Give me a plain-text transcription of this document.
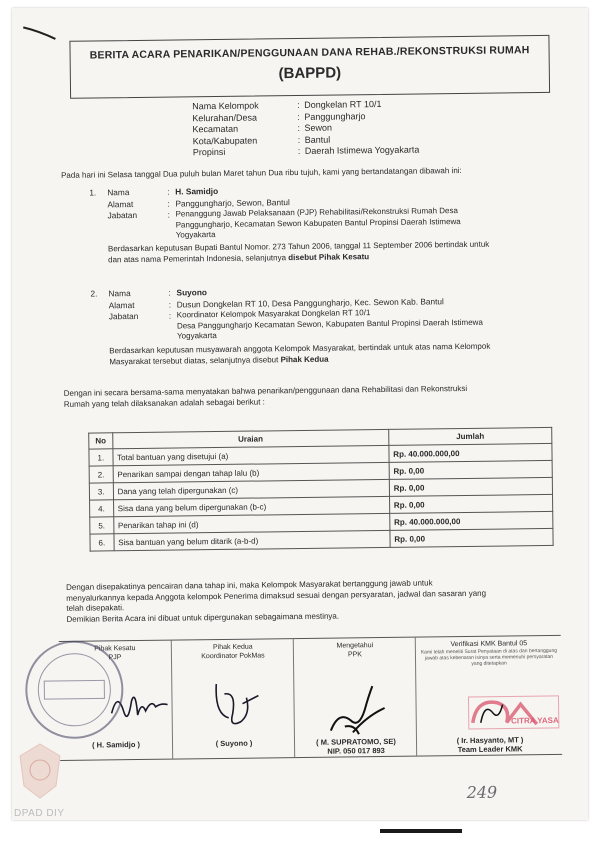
BERITA ACARA PENARIKAN/PENGGUNAAN DANA REHAB./REKONSTRUKSI RUMAH
(BAPPD)
Nama Kelompok	: Dongkelan RT 10/1
Kelurahan/Desa	: Panggungharjo
Kecamatan	: Sewon
Kota/Kabupaten	: Bantul
Propinsi	: Daerah Istimewa Yogyakarta
Pada hari ini Selasa tanggal Dua puluh bulan Maret tahun Dua ribu tujuh, kami yang bertandatangan dibawah ini:
1. Nama	: H. Samidjo
Alamat	: Panggungharjo, Sewon, Bantul
Jabatan	: Penanggung Jawab Pelaksanaan (PJP) Rehabilitasi/Rekonstruksi Rumah Desa
Panggungharjo, Kecamatan Sewon Kabupaten Bantul Propinsi Daerah Istimewa
Yogyakarta
Berdasarkan keputusan Bupati Bantul Nomor. 273 Tahun 2006, tanggal 11 September 2006 bertindak untuk
dan atas nama Pemerintah Indonesia, selanjutnya disebut Pihak Kesatu
2. Nama	: Suyono
Alamat	: Dusun Dongkelan RT 10, Desa Panggungharjo, Kec. Sewon Kab. Bantul
Jabatan	: Koordinator Kelompok Masyarakat Dongkelan RT 10/1
Desa Panggungharjo Kecamatan Sewon, Kabupaten Bantul Propinsi Daerah Istimewa
Yogyakarta
Berdasarkan keputusan musyawarah anggota Kelompok Masyarakat, bertindak untuk atas nama Kelompok
Masyarakat tersebut diatas, selanjutnya disebut Pihak Kedua
Dengan ini secara bersama-sama menyatakan bahwa penarikan/penggunaan dana Rehabilitasi dan Rekonstruksi
Rumah yang telah dilaksanakan adalah sebagai berikut :
No	Uraian	Jumlah
1.	Total bantuan yang disetujui (a)	Rp. 40.000.000,00
2.	Penarikan sampai dengan tahap lalu (b)	Rp. 0,00
3.	Dana yang telah dipergunakan (c)	Rp. 0,00
4.	Sisa dana yang belum dipergunakan (b-c)	Rp. 0,00
5.	Penarikan tahap ini (d)	Rp. 40.000.000,00
6.	Sisa bantuan yang belum ditarik (a-b-d)	Rp. 0,00
Dengan disepakatinya pencairan dana tahap ini, maka Kelompok Masyarakat bertanggung jawab untuk
menyalurkannya kepada Anggota kelompok Penerima dimaksud sesuai dengan persyaratan, jadwal dan sasaran yang
telah disepakati.
Demikian Berita Acara ini dibuat untuk dipergunakan sebagaimana mestinya.
Pihak Kesatu
PJP
( H. Samidjo )
Pihak Kedua
Koordinator PokMas
( Suyono )
Mengetahui
PPK
( M. SUPRATOMO, SE)
NIP. 050 017 893
Verifikasi KMK Bantul 05
Kami telah meneliti Surat Penyataan di atas dan bertanggung jawab atas kebenaran isinya serta memenuhi persyaratan yang ditetapkan
CITRA YASA
( Ir. Hasyanto, MT )
Team Leader KMK
249
DPAD DIY
